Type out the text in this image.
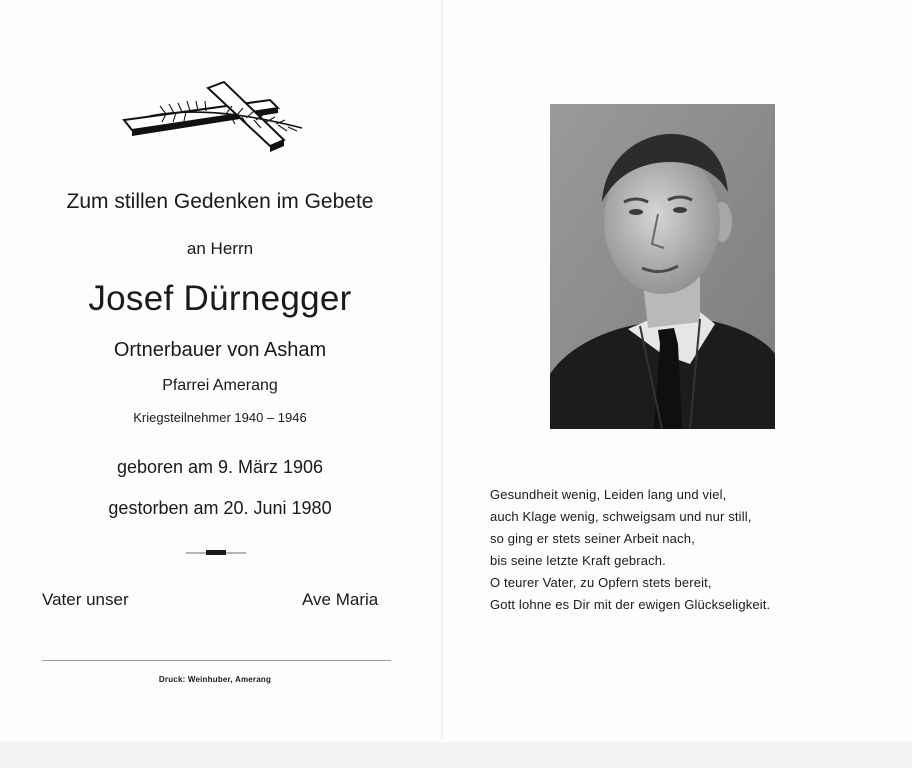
Zum stillen Gedenken im Gebete
an Herrn
Josef Dürnegger
Ortnerbauer von Asham
Pfarrei Amerang
Kriegsteilnehmer 1940 – 1946
geboren am 9. März 1906
gestorben am 20. Juni 1980
Vater unser	Ave Maria
Druck: Weinhuber, Amerang
Gesundheit wenig, Leiden lang und viel,
auch Klage wenig, schweigsam und nur still,
so ging er stets seiner Arbeit nach,
bis seine letzte Kraft gebrach.
O teurer Vater, zu Opfern stets bereit,
Gott lohne es Dir mit der ewigen Glückseligkeit.
